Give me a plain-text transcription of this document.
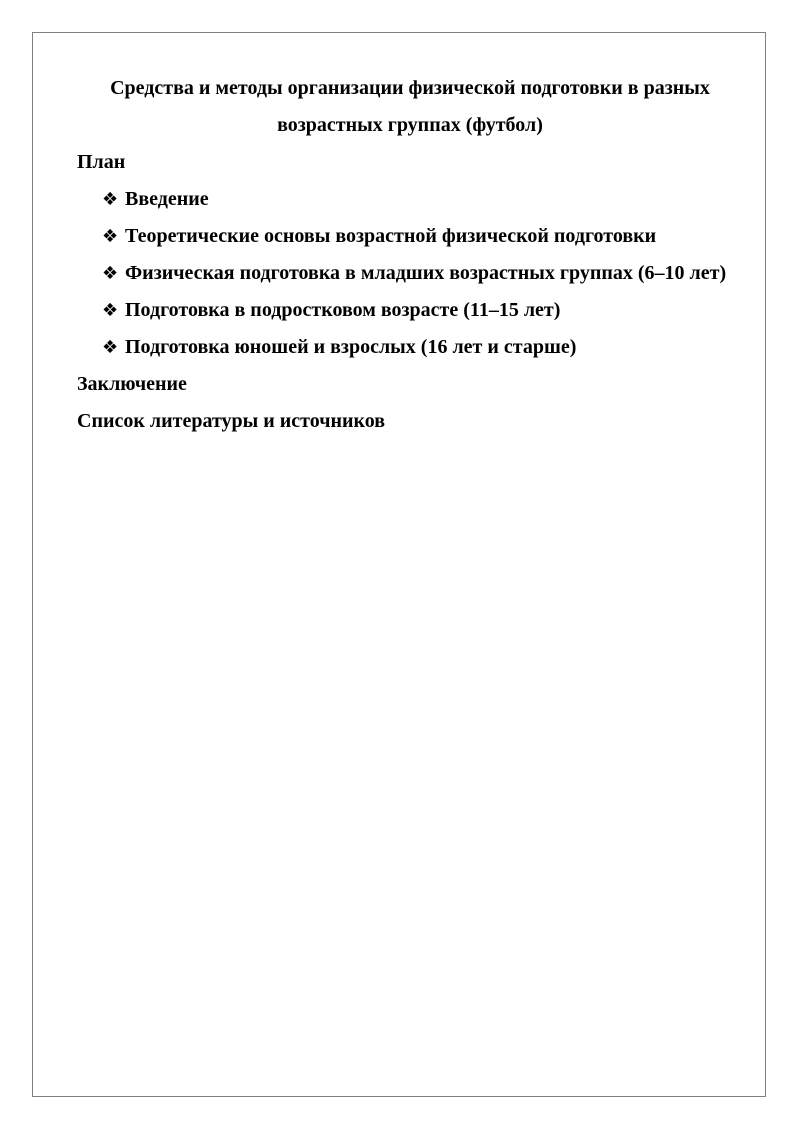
Средства и методы организации физической подготовки в разных возрастных группах (футбол)

План

❖ Введение
❖ Теоретические основы возрастной физической подготовки
❖ Физическая подготовка в младших возрастных группах (6–10 лет)
❖ Подготовка в подростковом возрасте (11–15 лет)
❖ Подготовка юношей и взрослых (16 лет и старше)

Заключение

Список литературы и источников
